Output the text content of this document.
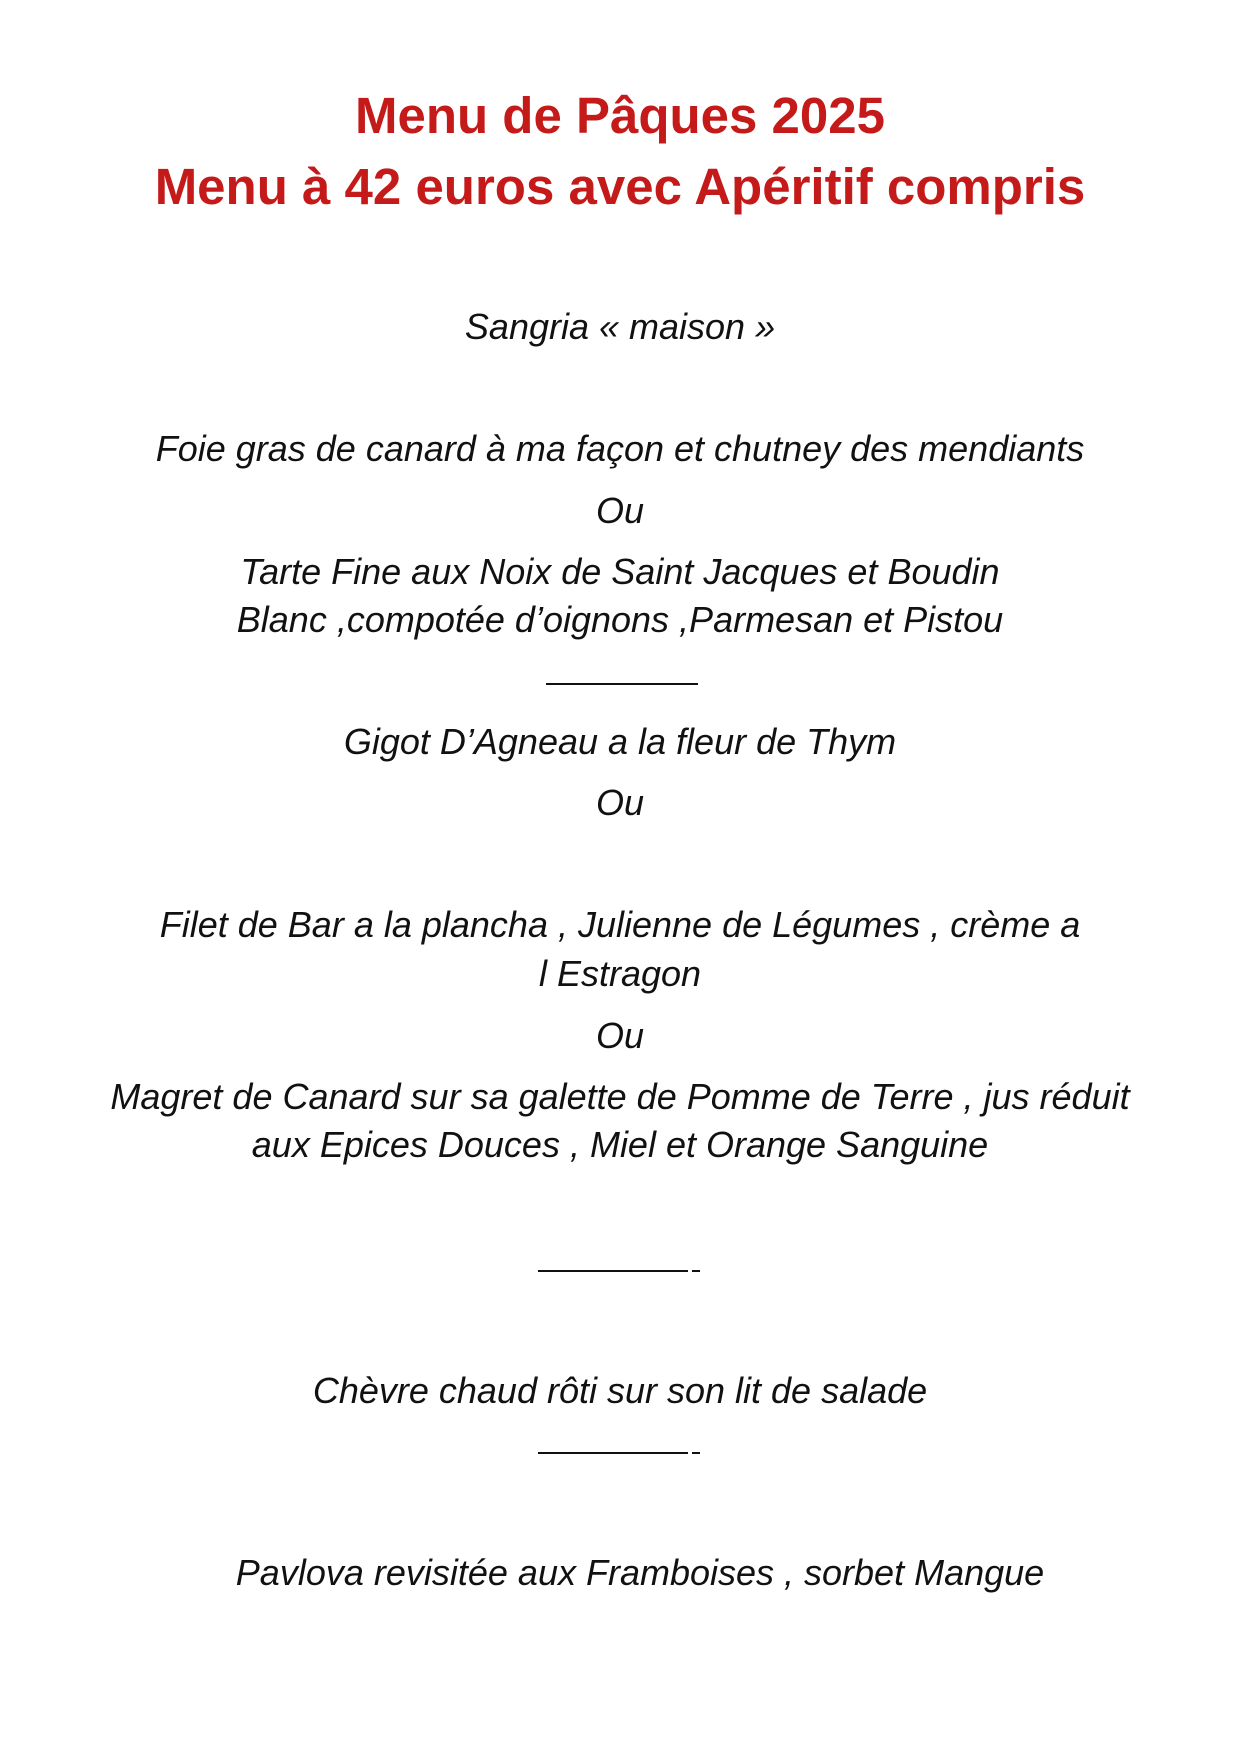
Menu de Pâques 2025
Menu à 42 euros avec Apéritif compris
Sangria « maison »
Foie gras de canard à ma façon et chutney des mendiants
Ou
Tarte Fine aux Noix de Saint Jacques et Boudin
Blanc ,compotée d’oignons ,Parmesan et Pistou
Gigot D’Agneau a la fleur de Thym
Ou
Filet de Bar a la plancha , Julienne de Légumes , crème a
l Estragon
Ou
Magret de Canard sur sa galette de Pomme de Terre , jus réduit
aux Epices Douces , Miel et Orange Sanguine
Chèvre chaud rôti sur son lit de salade
Pavlova revisitée aux Framboises , sorbet Mangue
